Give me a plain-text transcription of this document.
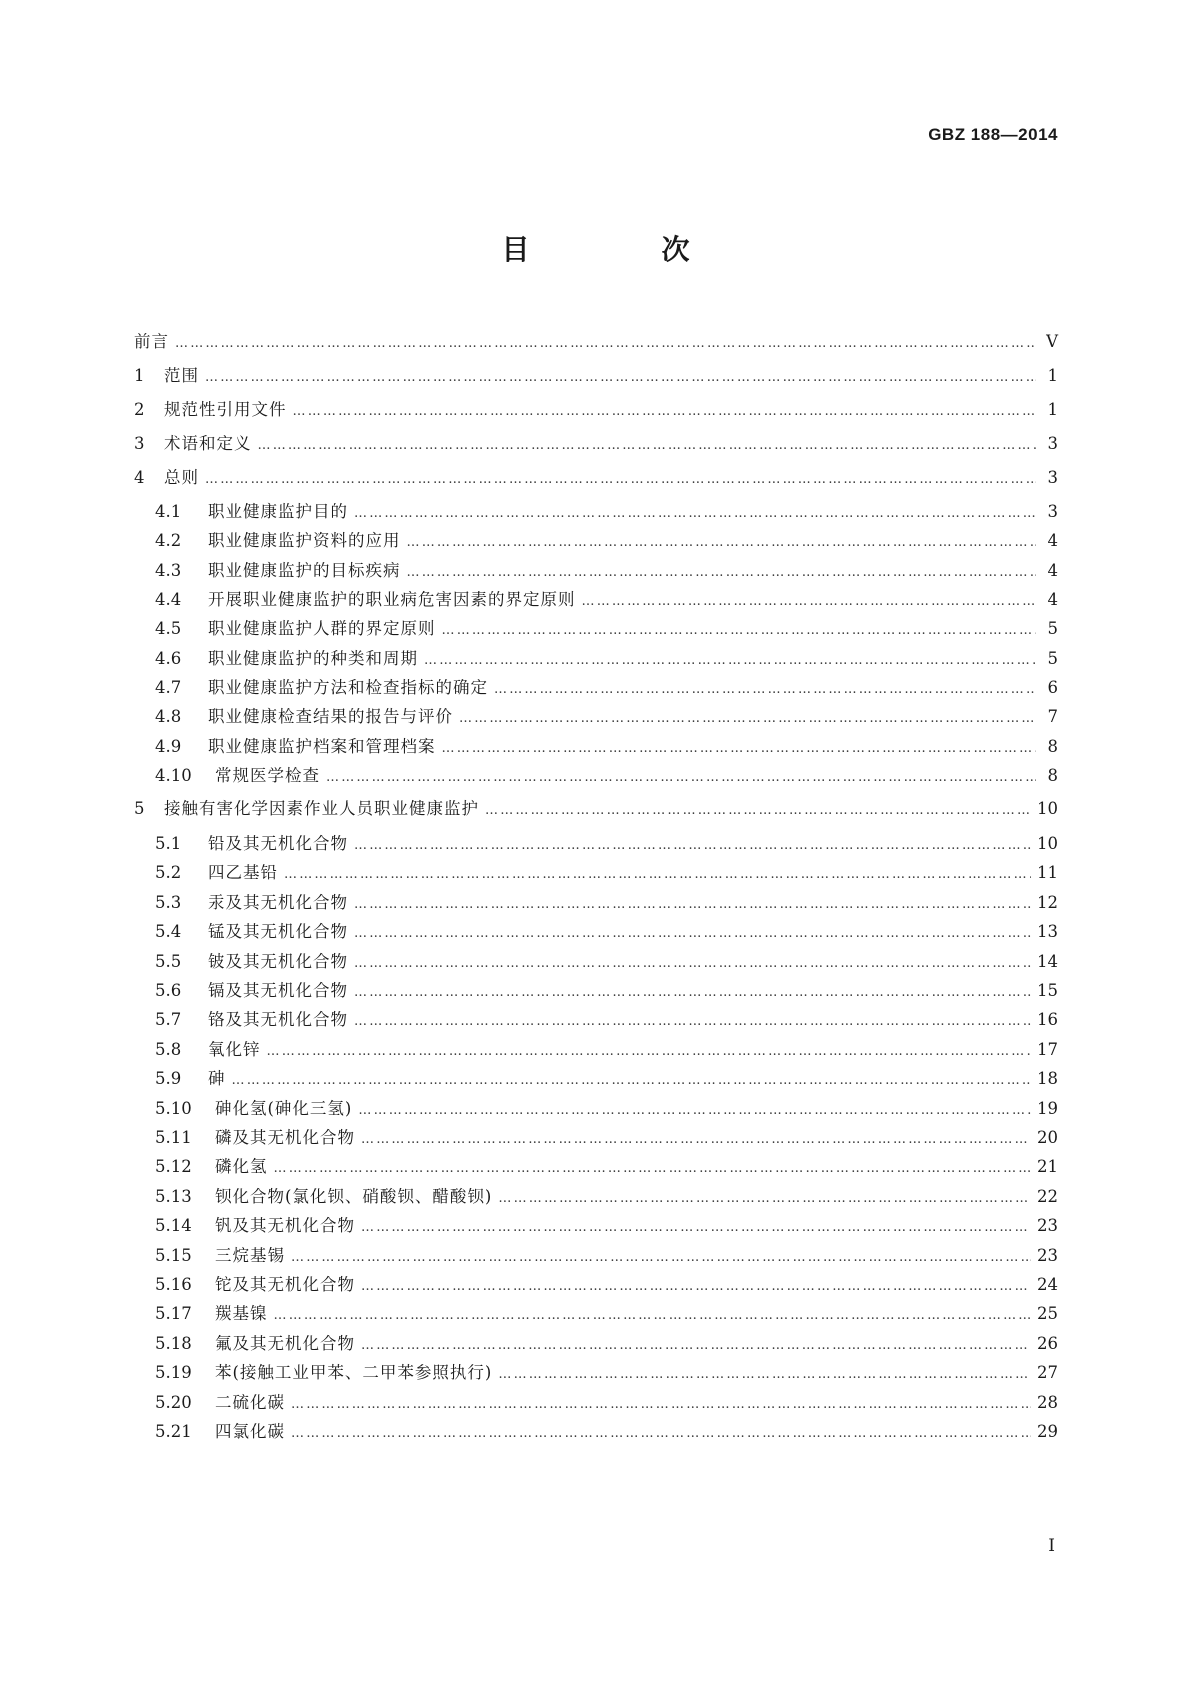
GBZ 188—2014
目　次
前言 ……………………………………………………………………………………………………………………………………………………………………………………………………………………………………	Ⅴ
1	范围 ……………………………………………………………………………………………………………………………………………………………………………………………………………………………………	1
2	规范性引用文件 ……………………………………………………………………………………………………………………………………………………………………………………………………………………………………	1
3	术语和定义 ……………………………………………………………………………………………………………………………………………………………………………………………………………………………………	3
4	总则 ……………………………………………………………………………………………………………………………………………………………………………………………………………………………………	3
4.1	职业健康监护目的 ……………………………………………………………………………………………………………………………………………………………………………………………………………………………………	3
4.2	职业健康监护资料的应用 ……………………………………………………………………………………………………………………………………………………………………………………………………………………………………	4
4.3	职业健康监护的目标疾病 ……………………………………………………………………………………………………………………………………………………………………………………………………………………………………	4
4.4	开展职业健康监护的职业病危害因素的界定原则 ……………………………………………………………………………………………………………………………………………………………………………………………………………………………………	4
4.5	职业健康监护人群的界定原则 ……………………………………………………………………………………………………………………………………………………………………………………………………………………………………	5
4.6	职业健康监护的种类和周期 ……………………………………………………………………………………………………………………………………………………………………………………………………………………………………	5
4.7	职业健康监护方法和检查指标的确定 ……………………………………………………………………………………………………………………………………………………………………………………………………………………………………	6
4.8	职业健康检查结果的报告与评价 ……………………………………………………………………………………………………………………………………………………………………………………………………………………………………	7
4.9	职业健康监护档案和管理档案 ……………………………………………………………………………………………………………………………………………………………………………………………………………………………………	8
4.10	常规医学检查 ……………………………………………………………………………………………………………………………………………………………………………………………………………………………………	8
5	接触有害化学因素作业人员职业健康监护 ……………………………………………………………………………………………………………………………………………………………………………………………………………………………………	10
5.1	铅及其无机化合物 ……………………………………………………………………………………………………………………………………………………………………………………………………………………………………	10
5.2	四乙基铅 ……………………………………………………………………………………………………………………………………………………………………………………………………………………………………	11
5.3	汞及其无机化合物 ……………………………………………………………………………………………………………………………………………………………………………………………………………………………………	12
5.4	锰及其无机化合物 ……………………………………………………………………………………………………………………………………………………………………………………………………………………………………	13
5.5	铍及其无机化合物 ……………………………………………………………………………………………………………………………………………………………………………………………………………………………………	14
5.6	镉及其无机化合物 ……………………………………………………………………………………………………………………………………………………………………………………………………………………………………	15
5.7	铬及其无机化合物 ……………………………………………………………………………………………………………………………………………………………………………………………………………………………………	16
5.8	氧化锌 ……………………………………………………………………………………………………………………………………………………………………………………………………………………………………	17
5.9	砷 ……………………………………………………………………………………………………………………………………………………………………………………………………………………………………	18
5.10	砷化氢(砷化三氢) ……………………………………………………………………………………………………………………………………………………………………………………………………………………………………	19
5.11	磷及其无机化合物 ……………………………………………………………………………………………………………………………………………………………………………………………………………………………………	20
5.12	磷化氢 ……………………………………………………………………………………………………………………………………………………………………………………………………………………………………	21
5.13	钡化合物(氯化钡、硝酸钡、醋酸钡) ……………………………………………………………………………………………………………………………………………………………………………………………………………………………………	22
5.14	钒及其无机化合物 ……………………………………………………………………………………………………………………………………………………………………………………………………………………………………	23
5.15	三烷基锡 ……………………………………………………………………………………………………………………………………………………………………………………………………………………………………	23
5.16	铊及其无机化合物 ……………………………………………………………………………………………………………………………………………………………………………………………………………………………………	24
5.17	羰基镍 ……………………………………………………………………………………………………………………………………………………………………………………………………………………………………	25
5.18	氟及其无机化合物 ……………………………………………………………………………………………………………………………………………………………………………………………………………………………………	26
5.19	苯(接触工业甲苯、二甲苯参照执行) ……………………………………………………………………………………………………………………………………………………………………………………………………………………………………	27
5.20	二硫化碳 ……………………………………………………………………………………………………………………………………………………………………………………………………………………………………	28
5.21	四氯化碳 ……………………………………………………………………………………………………………………………………………………………………………………………………………………………………	29
Ⅰ
